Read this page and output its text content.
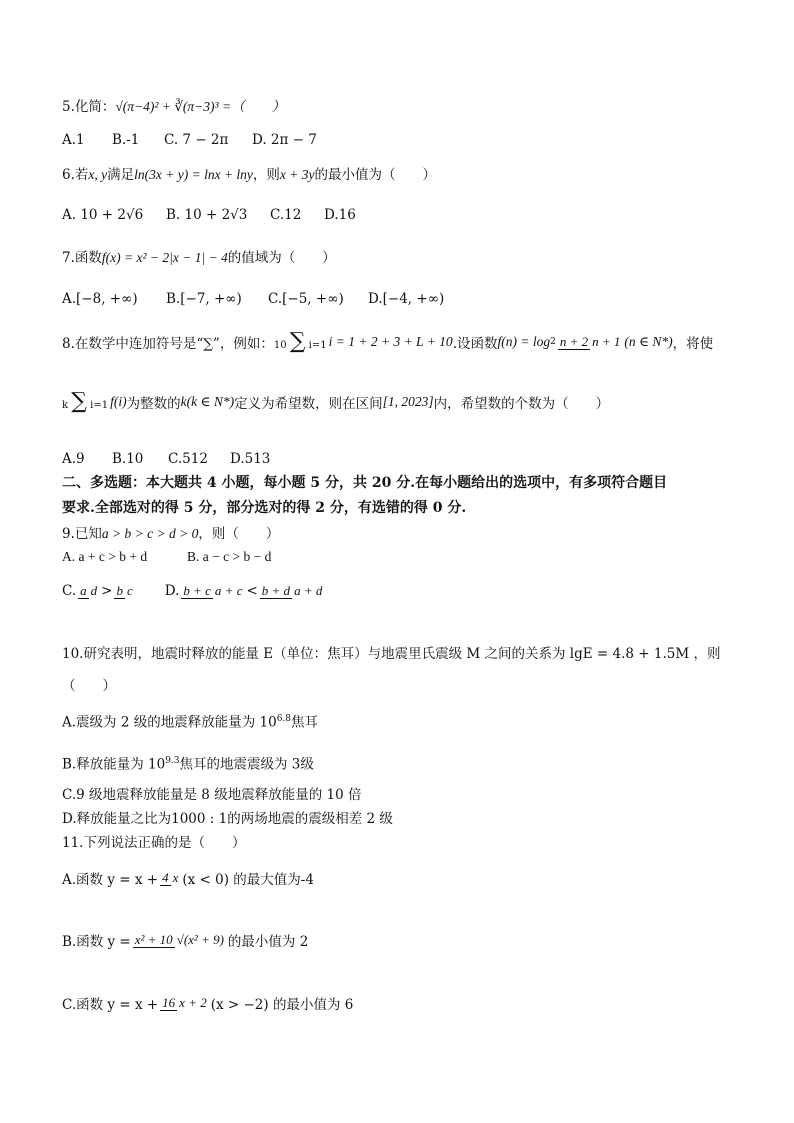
5.化简：√(π−4)² + ∛(π−3)³ =（　　）
A.1	B.-1	C. 7 − 2π	D. 2π − 7
6.若x, y满足ln(3x + y) = lnx + lny，则x + 3y的最小值为（　　）
A. 10 + 2√6	B. 10 + 2√3	C.12	D.16
7.函数f(x) = x² − 2|x − 1| − 4的值域为（　　）
A.[−8, +∞)	B.[−7, +∞)	C.[−5, +∞)	D.[−4, +∞)
8.在数学中连加符号是“∑”，例如： 10 ∑ i=1 i = 1 + 2 + 3 + L + 10 .设函数 f(n) = log 2 n + 2 n + 1 (n ∈ N*) ，将使
k ∑ i=1 f(i) 为整数的 k(k ∈ N*) 定义为希望数，则在区间 [1, 2023] 内，希望数的个数为（　　）
A.9	B.10	C.512	D.513
二、多选题：本大题共 4 小题，每小题 5 分，共 20 分.在每小题给出的选项中，有多项符合题目
要求.全部选对的得 5 分，部分选对的得 2 分，有选错的得 0 分.
9.已知a > b > c > d > 0，则（　　）
A. a + c > b + d	B. a − c > b − d
C. a d > b c D. b + c a + c < b + d a + d
10.研究表明，地震时释放的能量 E（单位：焦耳）与地震里氏震级 M 之间的关系为 lgE = 4.8 + 1.5M ，则
（　　）
A.震级为 2 级的地震释放能量为 $10^{6.8}$焦耳
B.释放能量为 $10^{9.3}$焦耳的地震震级为 3级
C.9 级地震释放能量是 8 级地震释放能量的 10 倍
D.释放能量之比为1000 : 1的两场地震的震级相差 2 级
11.下列说法正确的是（　　）
A.函数 y = x + 4 x (x < 0) 的最大值为-4
B.函数 y = x² + 10 √(x² + 9) 的最小值为 2
C.函数 y = x + 16 x + 2 (x > −2) 的最小值为 6
